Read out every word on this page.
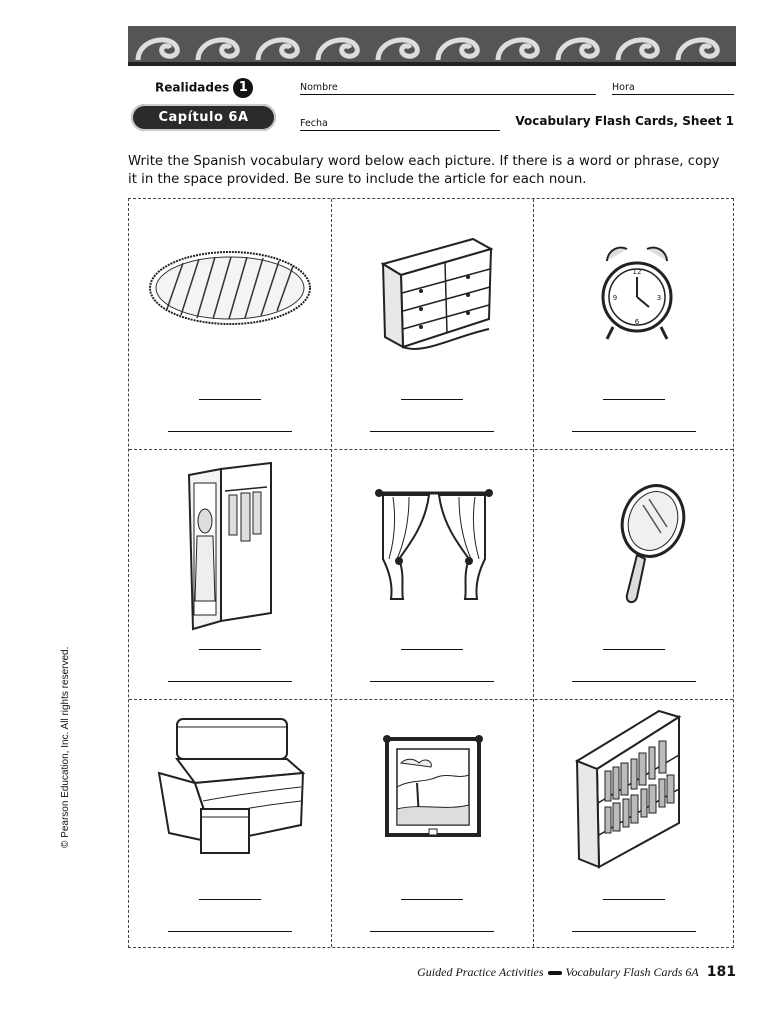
Realidades 1
Capítulo 6A
Nombre	Hora
Fecha	Vocabulary Flash Cards, Sheet 1
Write the Spanish vocabulary word below each picture. If there is a word or phrase, copy it in the space provided. Be sure to include the article for each noun.
12
3
6
9
© Pearson Education, Inc. All rights reserved.
Guided Practice Activities Vocabulary Flash Cards 6A 181
